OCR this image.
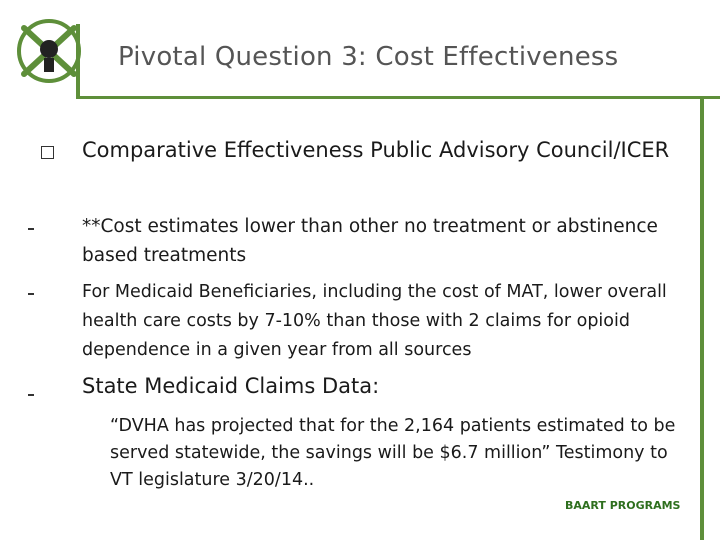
Pivotal Question 3: Cost Effectiveness
Comparative Effectiveness Public Advisory Council/ICER
**Cost estimates lower than other no treatment or abstinence based treatments
For Medicaid Beneficiaries, including the cost of MAT, lower overall health care costs by 7-10% than those with 2 claims for opioid dependence in a given year from all sources
State Medicaid Claims Data:
“DVHA has projected that for the 2,164 patients estimated to be served statewide, the savings will be $6.7 million” Testimony to VT legislature 3/20/14..
BAART PROGRAMS
